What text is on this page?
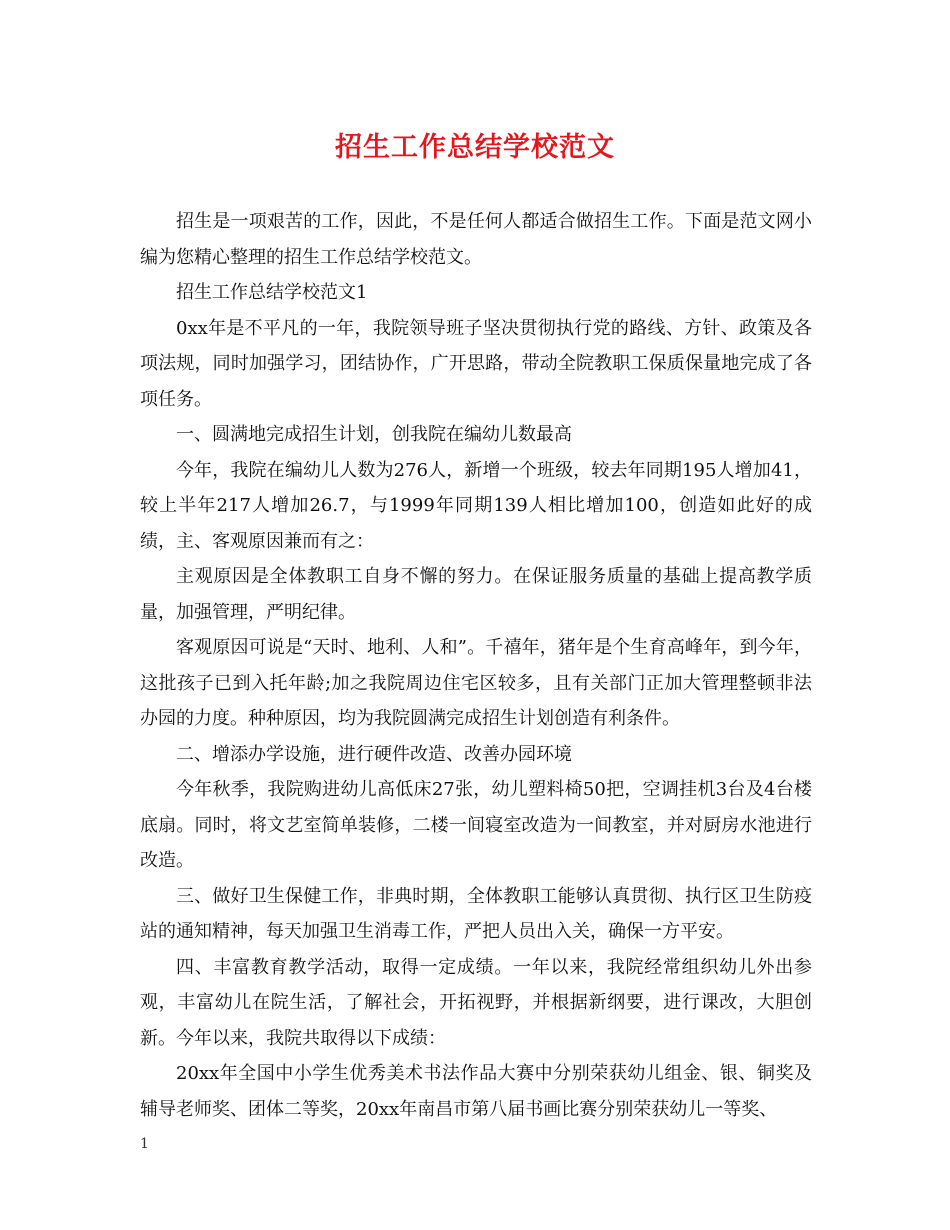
招生工作总结学校范文

招生是一项艰苦的工作，因此，不是任何人都适合做招生工作。下面是范文网小编为您精心整理的招生工作总结学校范文。

招生工作总结学校范文1

0xx年是不平凡的一年，我院领导班子坚决贯彻执行党的路线、方针、政策及各项法规，同时加强学习，团结协作，广开思路，带动全院教职工保质保量地完成了各项任务。

一、圆满地完成招生计划，创我院在编幼儿数最高

今年，我院在编幼儿人数为276人，新增一个班级，较去年同期195人增加41，较上半年217人增加26.7，与1999年同期139人相比增加100，创造如此好的成绩，主、客观原因兼而有之：

主观原因是全体教职工自身不懈的努力。在保证服务质量的基础上提高教学质量，加强管理，严明纪律。

客观原因可说是“天时、地利、人和”。千禧年，猪年是个生育高峰年，到今年，这批孩子已到入托年龄;加之我院周边住宅区较多，且有关部门正加大管理整顿非法办园的力度。种种原因，均为我院圆满完成招生计划创造有利条件。

二、增添办学设施，进行硬件改造、改善办园环境

今年秋季，我院购进幼儿高低床27张，幼儿塑料椅50把，空调挂机3台及4台楼底扇。同时，将文艺室简单装修，二楼一间寝室改造为一间教室，并对厨房水池进行改造。

三、做好卫生保健工作，非典时期，全体教职工能够认真贯彻、执行区卫生防疫站的通知精神，每天加强卫生消毒工作，严把人员出入关，确保一方平安。

四、丰富教育教学活动，取得一定成绩。一年以来，我院经常组织幼儿外出参观，丰富幼儿在院生活，了解社会，开拓视野，并根据新纲要，进行课改，大胆创新。今年以来，我院共取得以下成绩：

20xx年全国中小学生优秀美术书法作品大赛中分别荣获幼儿组金、银、铜奖及辅导老师奖、团体二等奖，20xx年南昌市第八届书画比赛分别荣获幼儿一等奖、

1
